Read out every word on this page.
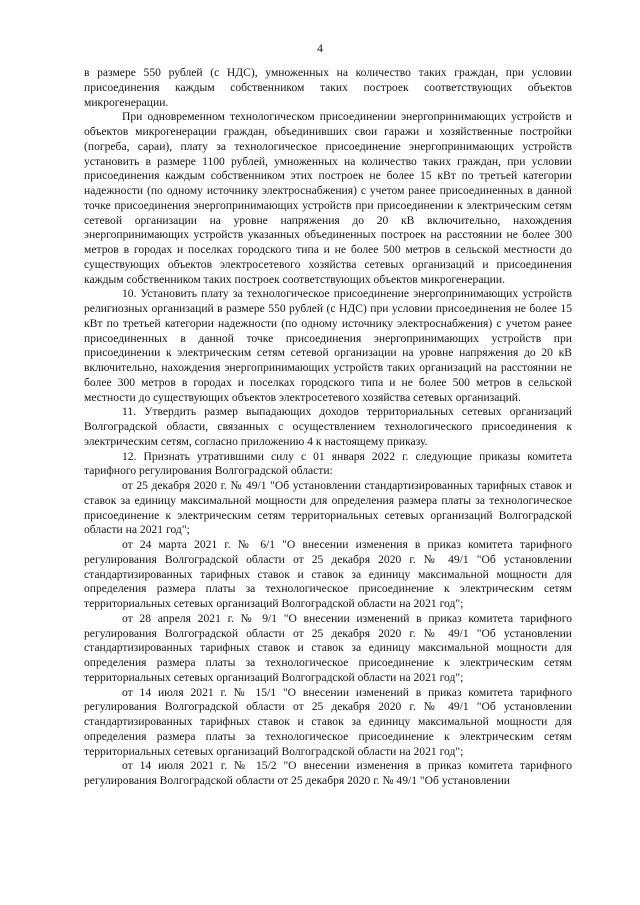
4

в размере 550 рублей (с НДС), умноженных на количество таких граждан, при условии присоединения каждым собственником таких построек соответствующих объектов микрогенерации.

При одновременном технологическом присоединении энергопринимающих устройств и объектов микрогенерации граждан, объединивших свои гаражи и хозяйственные постройки (погреба, сараи), плату за технологическое присоединение энергопринимающих устройств установить в размере 1100 рублей, умноженных на количество таких граждан, при условии присоединения каждым собственником этих построек не более 15 кВт по третьей категории надежности (по одному источнику электроснабжения) с учетом ранее присоединенных в данной точке присоединения энергопринимающих устройств при присоединении к электрическим сетям сетевой организации на уровне напряжения до 20 кВ включительно, нахождения энергопринимающих устройств указанных объединенных построек на расстоянии не более 300 метров в городах и поселках городского типа и не более 500 метров в сельской местности до существующих объектов электросетевого хозяйства сетевых организаций и присоединения каждым собственником таких построек соответствующих объектов микрогенерации.

10. Установить плату за технологическое присоединение энергопринимающих устройств религиозных организаций в размере 550 рублей (с НДС) при условии присоединения не более 15 кВт по третьей категории надежности (по одному источнику электроснабжения) с учетом ранее присоединенных в данной точке присоединения энергопринимающих устройств при присоединении к электрическим сетям сетевой организации на уровне напряжения до 20 кВ включительно, нахождения энергопринимающих устройств таких организаций на расстоянии не более 300 метров в городах и поселках городского типа и не более 500 метров в сельской местности до существующих объектов электросетевого хозяйства сетевых организаций.

11. Утвердить размер выпадающих доходов территориальных сетевых организаций Волгоградской области, связанных с осуществлением технологического присоединения к электрическим сетям, согласно приложению 4 к настоящему приказу.

12. Признать утратившими силу с 01 января 2022 г. следующие приказы комитета тарифного регулирования Волгоградской области:

от 25 декабря 2020 г. № 49/1 "Об установлении стандартизированных тарифных ставок и ставок за единицу максимальной мощности для определения размера платы за технологическое присоединение к электрическим сетям территориальных сетевых организаций Волгоградской области на 2021 год";

от 24 марта 2021 г. № 6/1 "О внесении изменения в приказ комитета тарифного регулирования Волгоградской области от 25 декабря 2020 г. № 49/1 "Об установлении стандартизированных тарифных ставок и ставок за единицу максимальной мощности для определения размера платы за технологическое присоединение к электрическим сетям территориальных сетевых организаций Волгоградской области на 2021 год";

от 28 апреля 2021 г. № 9/1 "О внесении изменений в приказ комитета тарифного регулирования Волгоградской области от 25 декабря 2020 г. № 49/1 "Об установлении стандартизированных тарифных ставок и ставок за единицу максимальной мощности для определения размера платы за технологическое присоединение к электрическим сетям территориальных сетевых организаций Волгоградской области на 2021 год";

от 14 июля 2021 г. № 15/1 "О внесении изменений в приказ комитета тарифного регулирования Волгоградской области от 25 декабря 2020 г. № 49/1 "Об установлении стандартизированных тарифных ставок и ставок за единицу максимальной мощности для определения размера платы за технологическое присоединение к электрическим сетям территориальных сетевых организаций Волгоградской области на 2021 год";

от 14 июля 2021 г. № 15/2 "О внесении изменения в приказ комитета тарифного регулирования Волгоградской области от 25 декабря 2020 г. № 49/1 "Об установлении
